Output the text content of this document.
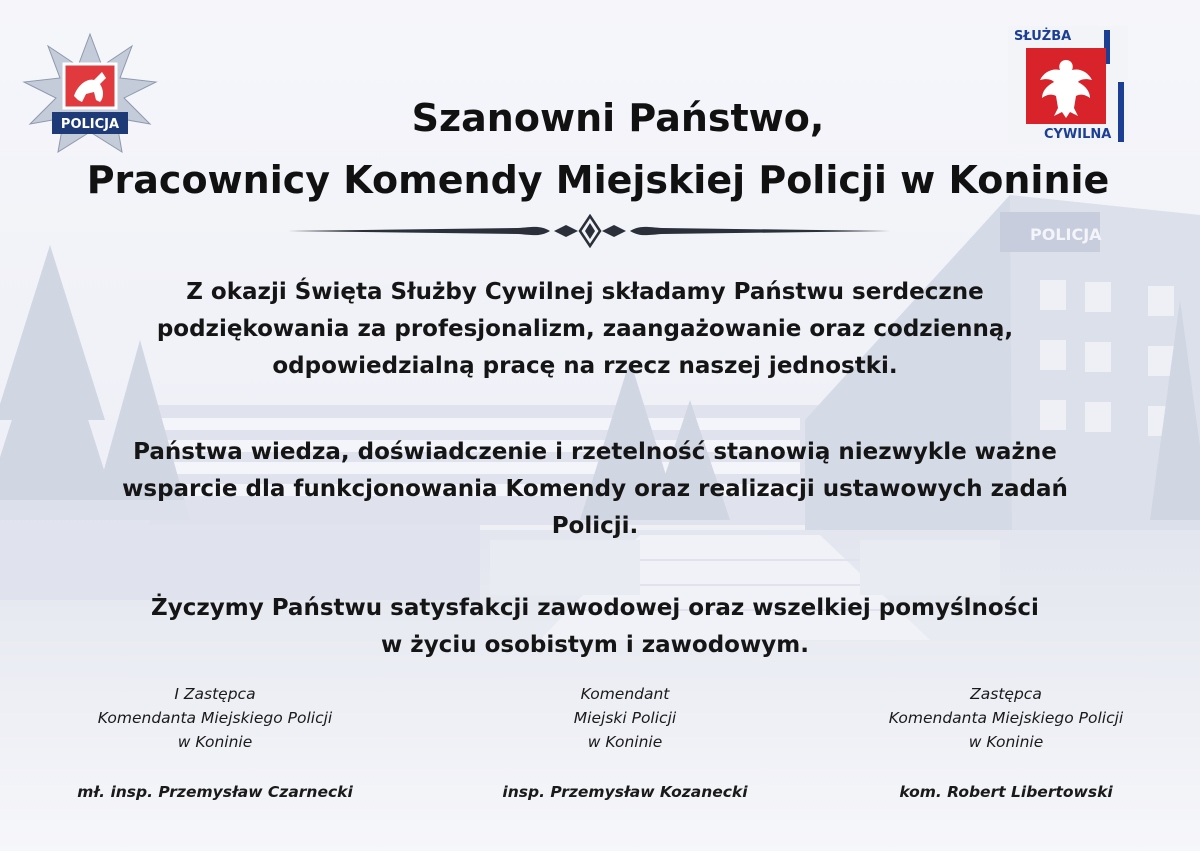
POLICJA
POLICJA
SŁUŻBA
CYWILNA
Szanowni Państwo,
Pracownicy Komendy Miejskiej Policji w Koninie

Z okazji Święta Służby Cywilnej składamy Państwu serdeczne
podziękowania za profesjonalizm, zaangażowanie oraz codzienną,
odpowiedzialną pracę na rzecz naszej jednostki.

Państwa wiedza, doświadczenie i rzetelność stanowią niezwykle ważne
wsparcie dla funkcjonowania Komendy oraz realizacji ustawowych zadań
Policji.

Życzymy Państwu satysfakcji zawodowej oraz wszelkiej pomyślności
w życiu osobistym i zawodowym.

I Zastępca
Komendanta Miejskiego Policji
w Koninie
mł. insp. Przemysław Czarnecki
Komendant
Miejski Policji
w Koninie
insp. Przemysław Kozanecki
Zastępca
Komendanta Miejskiego Policji
w Koninie
kom. Robert Libertowski
